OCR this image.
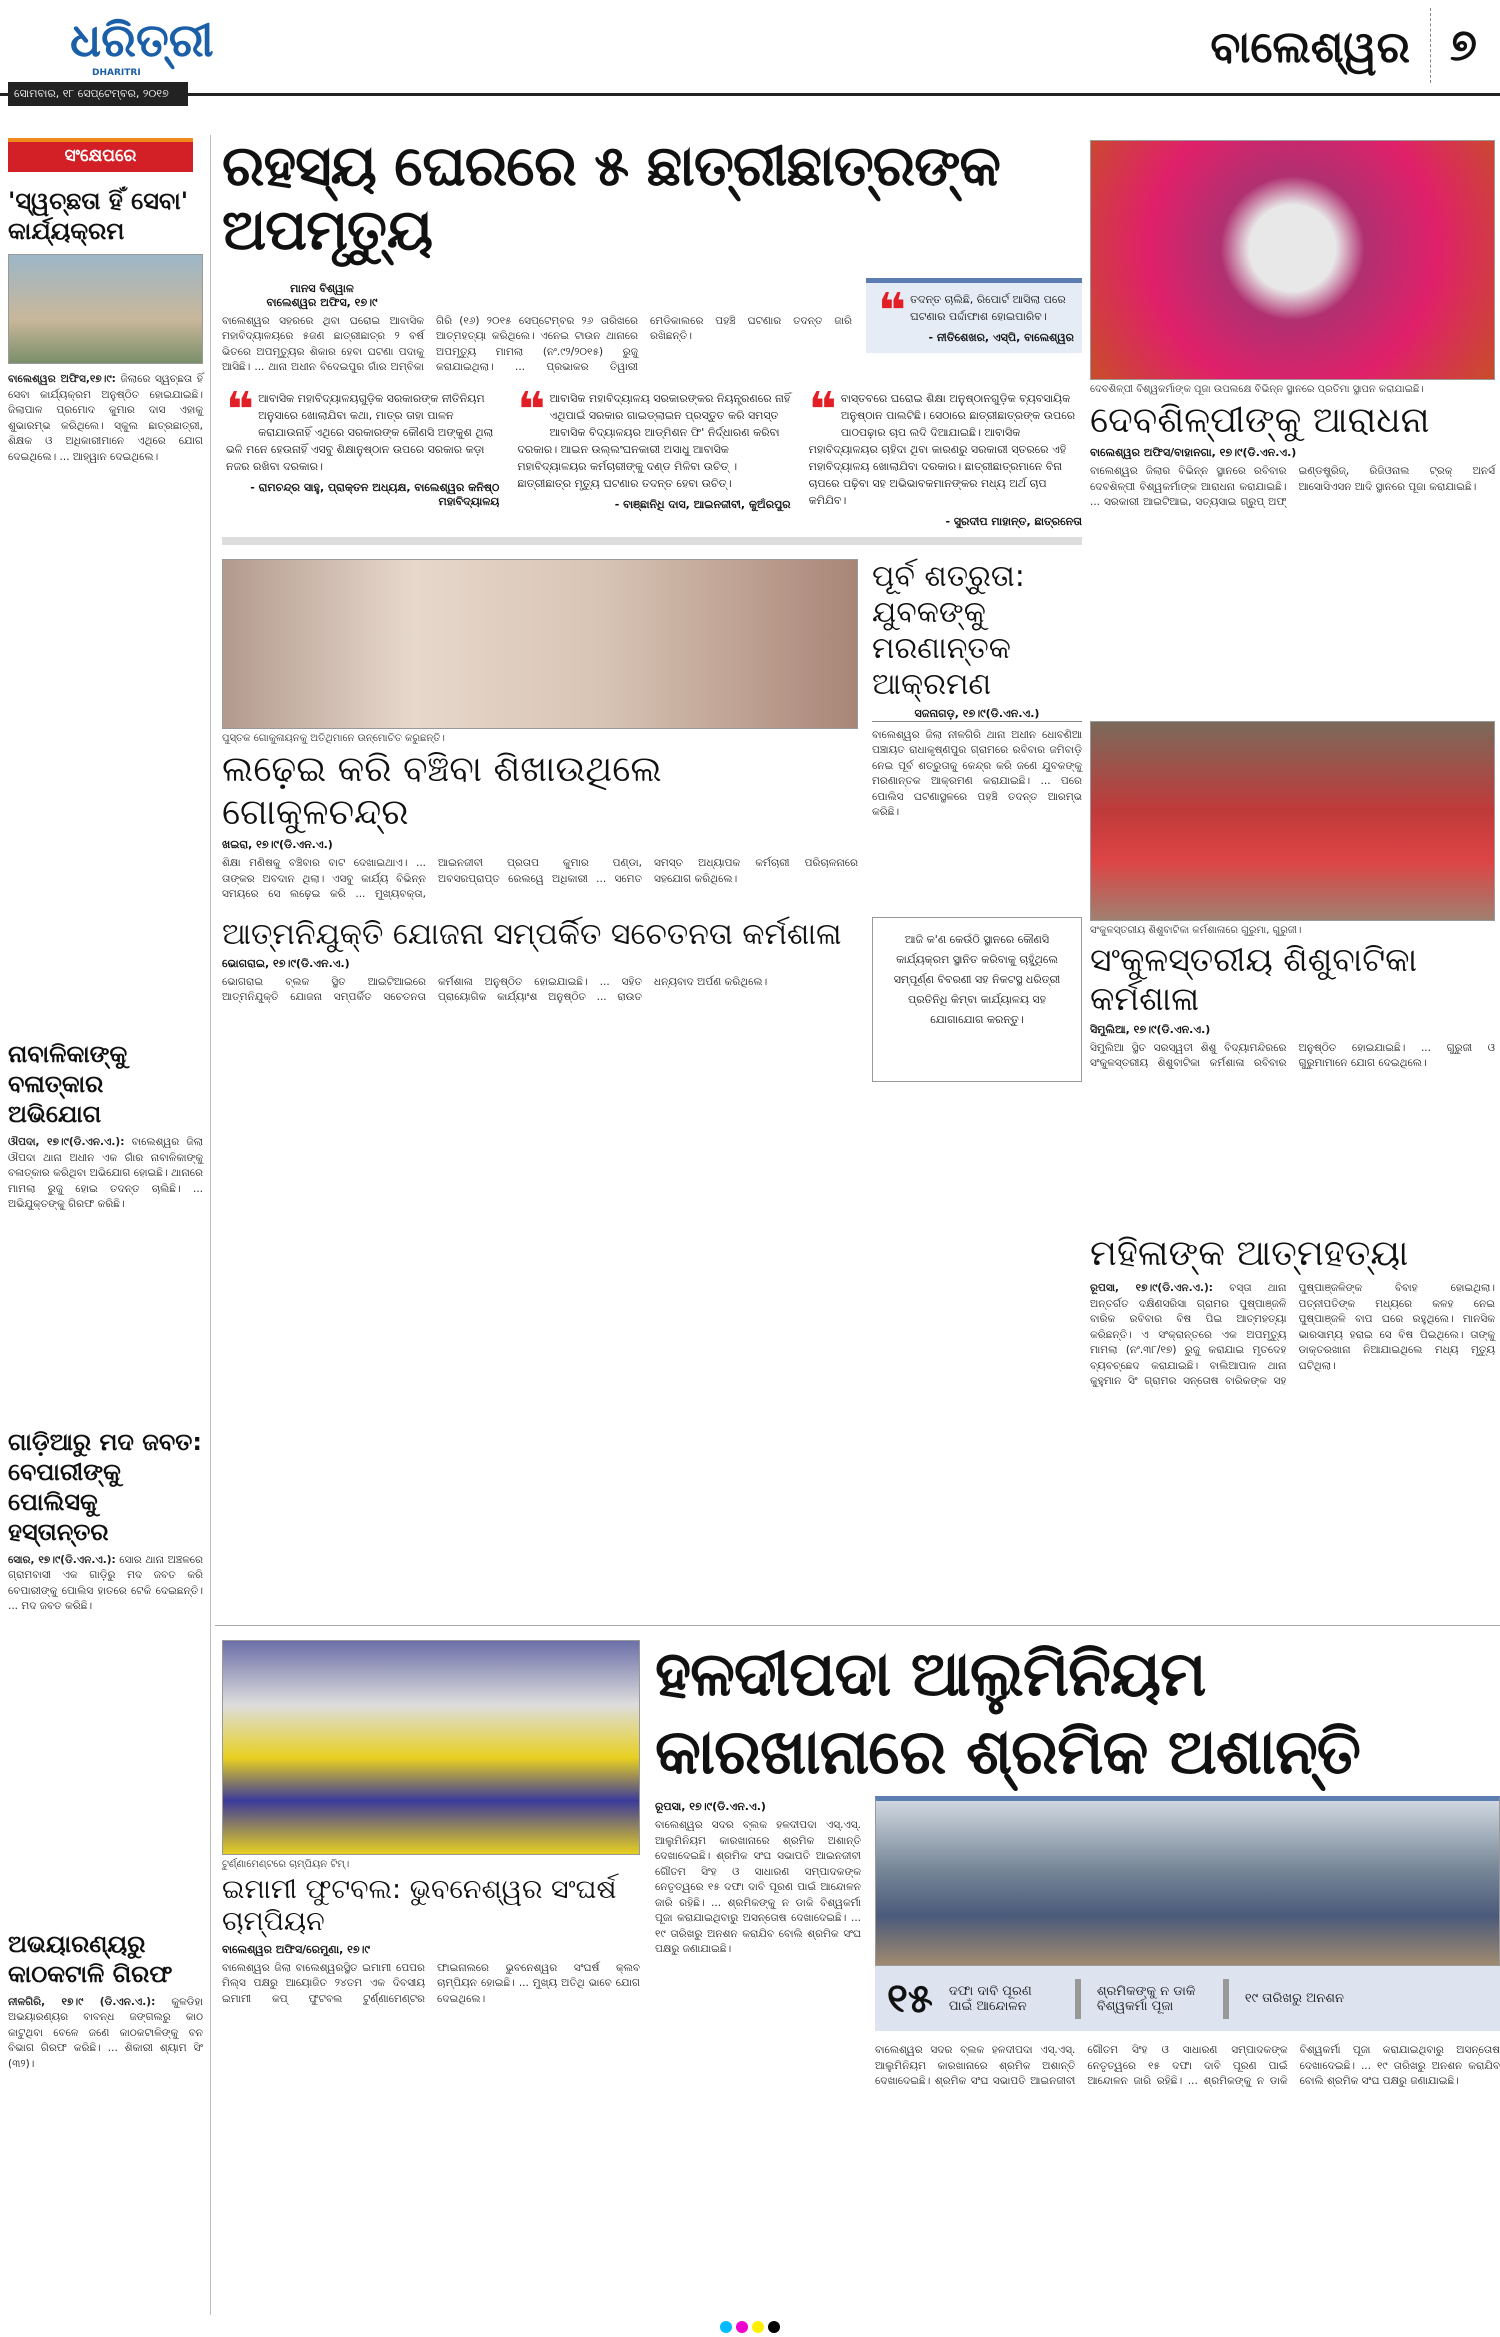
ଧରିତ୍ରୀ
DHARITRI
ସୋମବାର, ୧୮ ସେପ୍ଟେମ୍ବର, ୨୦୧୭
ବାଲେଶ୍ୱର ୭
ସଂକ୍ଷେପରେ
'ସ୍ୱଚ୍ଛତା ହିଁ ସେବା' କାର୍ଯ୍ୟକ୍ରମ
ବାଲେଶ୍ୱର ଅଫିସ,୧୭।୯: ଜିଲାରେ ସ୍ୱଚ୍ଛତା ହିଁ ସେବା କାର୍ଯ୍ୟକ୍ରମ ଅନୁଷ୍ଠିତ ହୋଇଯାଇଛି। ଜିଲାପାଳ ପ୍ରମୋଦ କୁମାର ଦାସ ଏହାକୁ ଶୁଭାରମ୍ଭ କରିଥିଲେ। ସ୍କୁଲ ଛାତ୍ରଛାତ୍ରୀ, ଶିକ୍ଷକ ଓ ଅଧିକାରୀମାନେ ଏଥିରେ ଯୋଗ ଦେଇଥିଲେ। ... ଆହ୍ୱାନ ଦେଇଥିଲେ।
ନାବାଳିକାଙ୍କୁ ବଳାତ୍କାର ଅଭିଯୋଗ
ଔପଦା, ୧୭।୯(ଡି.ଏନ.ଏ.): ବାଲେଶ୍ୱର ଜିଲା ଔପଦା ଥାନା ଅଧୀନ ଏକ ଗାଁର ନାବାଳିକାଙ୍କୁ ବଳାତ୍କାର କରିଥିବା ଅଭିଯୋଗ ହୋଇଛି। ଥାନାରେ ମାମଲା ରୁଜୁ ହୋଇ ତଦନ୍ତ ଚାଲିଛି। ... ଅଭିଯୁକ୍ତଙ୍କୁ ଗିରଫ କରିଛି।
ଗାଡ଼ିଆରୁ ମଦ ଜବତ: ବେପାରୀଙ୍କୁ ପୋଲିସକୁ ହସ୍ତାନ୍ତର
ସୋର, ୧୭।୯(ଡି.ଏନ.ଏ.): ସୋର ଥାନା ଅଞ୍ଚଳରେ ଗ୍ରାମବାସୀ ଏକ ଗାଡ଼ିରୁ ମଦ ଜବତ କରି ବେପାରୀଙ୍କୁ ପୋଲିସ ହାତରେ ଟେକି ଦେଇଛନ୍ତି। ... ମଦ ଜବତ କରିଛି।
ଅଭୟାରଣ୍ୟରୁ କାଠକଟାଳି ଗିରଫ
ନୀଳଗିରି, ୧୭।୯ (ଡି.ଏନ.ଏ.): କୁଳଡିହା ଅଭୟାରଣ୍ୟର ବାବନ୍ଧ ଜଙ୍ଗଲରୁ କାଠ କାଟୁଥିବା ବେଳେ ଜଣେ କାଠକଟାଳିଙ୍କୁ ବନ ବିଭାଗ ଗିରଫ କରିଛି। ... ଶିକାରୀ ଶ୍ୟାମ ସିଂ (୩୨)।
ରହସ୍ୟ ଘେରରେ ୫ ଛାତ୍ରୀଛାତ୍ରଙ୍କ ଅପମୃତ୍ୟୁ
ମାନସ ବିଶ୍ୱାଳ
ବାଲେଶ୍ୱର ଅଫିସ, ୧୭।୯
ବାଲେଶ୍ୱର ସହରରେ ଥିବା ଘରୋଇ ଆବାସିକ ମହାବିଦ୍ୟାଳୟରେ ୫ଜଣ ଛାତ୍ରୀଛାତ୍ର ୨ ବର୍ଷ ଭିତରେ ଅପମୃତ୍ୟୁର ଶିକାର ହେବା ଘଟଣା ପଦାକୁ ଆସିଛି। ... ଥାନା ଅଧୀନ ବିଦେଇପୁର ଗାଁର ଅମ୍ବିକା ଗିରି (୧୬) ୨୦୧୫ ସେପ୍ଟେମ୍ବର ୨୬ ତାରିଖରେ ଆତ୍ମହତ୍ୟା କରିଥିଲେ। ଏନେଇ ଟାଉନ ଥାନାରେ ଅପମୃତ୍ୟୁ ମାମଲା (ନଂ.୯୨/୨୦୧୫) ରୁଜୁ କରାଯାଇଥିଲା। ... ପ୍ରଭାକର ତିୱାରୀ ମେଡିକାଲରେ ପହଞ୍ଚି ଘଟଣାର ତଦନ୍ତ ଜାରି ରଖିଛନ୍ତି।	❝ ତଦନ୍ତ ଚାଲିଛି, ରିପୋର୍ଟ ଆସିଲା ପରେ ଘଟଣାର ପର୍ଦ୍ଦାଫାଶ ହୋଇପାରିବ।
- ନୀତିଶେଖର, ଏସ୍‌ପି, ବାଲେଶ୍ୱର
❝ ଆବାସିକ ମହାବିଦ୍ୟାଳୟଗୁଡ଼ିକ ସରକାରଙ୍କ ନୀତିନିୟମ ଅନୁସାରେ ଖୋଲାଯିବା କଥା, ମାତ୍ର ତାହା ପାଳନ କରାଯାଉନାହିଁ ଏଥିରେ ସରକାରଙ୍କ କୌଣସି ଅଙ୍କୁଶ ଥିଲା ଭଳି ମନେ ହେଉନାହିଁ ଏସବୁ ଶିକ୍ଷାନୁଷ୍ଠାନ ଉପରେ ସରକାର କଡ଼ା ନଜର ରଖିବା ଦରକାର।
- ରାମଚନ୍ଦ୍ର ସାହୁ, ପ୍ରାକ୍ତନ ଅଧ୍ୟକ୍ଷ, ବାଲେଶ୍ୱର କନିଷ୍ଠ ମହାବିଦ୍ୟାଳୟ
❝ ଆବାସିକ ମହାବିଦ୍ୟାଳୟ ସରକାରଙ୍କର ନିୟନ୍ତ୍ରଣରେ ନାହିଁ ଏଥିପାଇଁ ସରକାର ଗାଇଡ୍‌ଲାଇନ ପ୍ରସ୍ତୁତ କରି ସମସ୍ତ ଆବାସିକ ବିଦ୍ୟାଳୟର ଆଡ୍‌ମିଶନ ଫି' ନିର୍ଦ୍ଧାରଣ କରିବା ଦରକାର। ଆଇନ ଉଲ୍ଲଂଘନକାରୀ ଅସାଧୁ ଆବାସିକ ମହାବିଦ୍ୟାଳୟର କର୍ମଚାରୀଙ୍କୁ ଦଣ୍ଡ ମିଳିବା ଉଚିତ୍ । ଛାତ୍ରୀଛାତ୍ର ମୃତ୍ୟୁ ଘଟଣାର ତଦନ୍ତ ହେବା ଉଚିତ୍।
- ବାଞ୍ଛାନିଧି ଦାସ, ଆଇନଜୀବୀ, କୁଅଁରପୁର
❝ ବାସ୍ତବରେ ଘରୋଇ ଶିକ୍ଷା ଅନୁଷ୍ଠାନଗୁଡ଼ିକ ବ୍ୟବସାୟିକ ଅନୁଷ୍ଠାନ ପାଲଟିଛି। ସେଠାରେ ଛାତ୍ରୀଛାତ୍ରଙ୍କ ଉପରେ ପାଠପଢ଼ାର ଚାପ ଲଦି ଦିଆଯାଇଛି। ଆବାସିକ ମହାବିଦ୍ୟାଳୟର ଚାହିଦା ଥିବା କାରଣରୁ ସରକାରୀ ସ୍ତରରେ ଏହି ମହାବିଦ୍ୟାଳୟ ଖୋଲାଯିବା ଦରକାର। ଛାତ୍ରୀଛାତ୍ରମାନେ ବିନା ଚାପରେ ପଢ଼ିବା ସହ ଅଭିଭାବକମାନଙ୍କର ମଧ୍ୟ ଅର୍ଥ ଚାପ କମିଯିବ।
- ସୁରଦୀପ ମାହାନ୍ତ, ଛାତ୍ରନେତା
ପୁସ୍ତକ ଗୋକୁଳାୟନକୁ ଅତିଥିମାନେ ଉନ୍ମୋଚିତ କରୁଛନ୍ତି।
ଲଢ଼େଇ କରି ବଞ୍ଚିବା ଶିଖାଉଥିଲେ ଗୋକୁଳଚନ୍ଦ୍ର
ଖଇରା, ୧୭।୯(ଡି.ଏନ.ଏ.)
ଶିକ୍ଷା ମଣିଷକୁ ବଞ୍ଚିବାର ବାଟ ଦେଖାଇଥାଏ। ... ତାଙ୍କର ଅବଦାନ ଥିଲା। ଏସବୁ କାର୍ଯ୍ୟ ବିଭିନ୍ନ ସମୟରେ ସେ ଲଢ଼େଇ କରି ... ମୁଖ୍ୟବକ୍ତା, ଆଇନଜୀବୀ ପ୍ରତାପ କୁମାର ପଣ୍ଡା, ଅବସରପ୍ରାପ୍ତ ରେଲୱେ ଅଧିକାରୀ ... ସମେତ ସମସ୍ତ ଅଧ୍ୟାପକ କର୍ମଚାରୀ ପରିଚାଳନାରେ ସହଯୋଗ କରିଥିଲେ।
ପୂର୍ବ ଶତ୍ରୁତା: ଯୁବକଙ୍କୁ ମରଣାନ୍ତକ ଆକ୍ରମଣ
ସଜନାଗଡ଼, ୧୭।୯(ଡି.ଏନ.ଏ.)
ବାଲେଶ୍ୱର ଜିଲା ନୀଳଗିରି ଥାନା ଅଧୀନ ଧୋବଣିଆ ପଞ୍ଚାୟତ ରାଧାକୃଷ୍ଣପୁର ଗ୍ରାମରେ ରବିବାର ଜମିବାଡ଼ି ନେଇ ପୂର୍ବ ଶତ୍ରୁତାକୁ କେନ୍ଦ୍ର କରି ଜଣେ ଯୁବକଙ୍କୁ ମରଣାନ୍ତକ ଆକ୍ରମଣ କରାଯାଇଛି। ... ପରେ ପୋଲିସ ଘଟଣାସ୍ଥଳରେ ପହଞ୍ଚି ତଦନ୍ତ ଆରମ୍ଭ କରିଛି।
ଆତ୍ମନିଯୁକ୍ତି ଯୋଜନା ସମ୍ପର୍କିତ ସଚେତନତା କର୍ମଶାଳା
ଭୋଗରାଇ, ୧୭।୯(ଡି.ଏନ.ଏ.)
ଭୋଗରାଇ ବ୍ଲକ ସ୍ଥିତ ଆଇଟିଆଇରେ ଆତ୍ମନିଯୁକ୍ତି ଯୋଜନା ସମ୍ପର୍କିତ ସଚେତନତା କର୍ମଶାଳା ଅନୁଷ୍ଠିତ ହୋଇଯାଇଛି। ... ସହିତ ପ୍ରାୟୋଗିକ କାର୍ଯ୍ୟାଂଶ ଅନୁଷ୍ଠିତ ... ରାଉତ ଧନ୍ୟବାଦ ଅର୍ପଣ କରିଥିଲେ।
ଆଜି କ'ଣ କେଉଁଠି ସ୍ଥାନରେ କୌଣସି କାର୍ଯ୍ୟକ୍ରମ ସ୍ଥାନିତ କରିବାକୁ ଚାହୁଁଥିଲେ ସମ୍ପୂର୍ଣ୍ଣ ବିବରଣୀ ସହ ନିକଟସ୍ଥ ଧରିତ୍ରୀ ପ୍ରତିନିଧି କିମ୍ବା କାର୍ଯ୍ୟାଳୟ ସହ ଯୋଗାଯୋଗ କରନ୍ତୁ।
ଦେବଶିଳ୍ପୀ ବିଶ୍ୱକର୍ମାଙ୍କ ପୂଜା ଉପଲକ୍ଷେ ବିଭିନ୍ନ ସ୍ଥାନରେ ପ୍ରତିମା ସ୍ଥାପନ କରାଯାଇଛି।
ଦେବଶିଳ୍ପୀଙ୍କୁ ଆରାଧନା
ବାଲେଶ୍ୱର ଅଫିସ/ବାହାନଗା, ୧୭।୯(ଡି.ଏନ.ଏ.)
ବାଲେଶ୍ୱର ଜିଲାର ବିଭିନ୍ନ ସ୍ଥାନରେ ରବିବାର ଦେବଶିଳ୍ପୀ ବିଶ୍ୱକର୍ମାଙ୍କ ଆରାଧନା କରାଯାଇଛି। ... ସରକାରୀ ଆଇଟିଆଇ, ସତ୍ୟସାଇ ଗ୍ରୁପ୍ ଅଫ୍ ଇଣ୍ଡଷ୍ଟ୍ରିଜ୍, ରିଜିଓନାଲ ଟ୍ରକ୍ ଅନର୍ସ ଆସୋସିଏସନ ଆଦି ସ୍ଥାନରେ ପୂଜା କରାଯାଇଛି।
ସଂକୁଳସ୍ତରୀୟ ଶିଶୁବାଟିକା କର୍ମଶାଳାରେ ଗୁରୁମା, ଗୁରୁଜୀ।
ସଂକୁଳସ୍ତରୀୟ ଶିଶୁବାଟିକା କର୍ମଶାଳା
ସିମୁଲିଆ, ୧୭।୯(ଡି.ଏନ.ଏ.)
ସିମୁଲିଆ ସ୍ଥିତ ସରସ୍ୱତୀ ଶିଶୁ ବିଦ୍ୟାମନ୍ଦିରରେ ସଂକୁଳସ୍ତରୀୟ ଶିଶୁବାଟିକା କର୍ମଶାଳା ରବିବାର ଅନୁଷ୍ଠିତ ହୋଇଯାଇଛି। ... ଗୁରୁଜୀ ଓ ଗୁରୁମାମାନେ ଯୋଗ ଦେଇଥିଲେ।
ମହିଳାଙ୍କ ଆତ୍ମହତ୍ୟା
ରୂପସା, ୧୭।୯(ଡି.ଏନ.ଏ.): ବସ୍ତା ଥାନା ଅନ୍ତର୍ଗତ ଦକ୍ଷିଣସରିସା ଗ୍ରାମର ପୁଷ୍ପାଞ୍ଜଳି ବାରିକ ରବିବାର ବିଷ ପିଇ ଆତ୍ମହତ୍ୟା କରିଛନ୍ତି। ଏ ସଂକ୍ରାନ୍ତରେ ଏକ ଅପମୃତ୍ୟୁ ମାମଲା (ନଂ.୩୮/୧୭) ରୁଜୁ କରାଯାଇ ମୃତଦେହ ବ୍ୟବଚ୍ଛେଦ କରାଯାଇଛି। ବାଲିଆପାଳ ଥାନା କୁହୁମାନ ସିଂ ଗ୍ରାମର ସନ୍ତୋଷ ବାରିକଙ୍କ ସହ ପୁଷ୍ପାଞ୍ଜଳିଙ୍କ ବିବାହ ହୋଇଥିଲା। ପତ୍ନୀପତିଙ୍କ ମଧ୍ୟରେ କଳହ ନେଇ ପୁଷ୍ପାଞ୍ଜଳି ବାପ ଘରେ ରହୁଥିଲେ। ମାନସିକ ଭାରସାମ୍ୟ ହରାଇ ସେ ବିଷ ପିଇଥିଲେ। ତାଙ୍କୁ ଡାକ୍ତରଖାନା ନିଆଯାଇଥିଲେ ମଧ୍ୟ ମୃତ୍ୟୁ ଘଟିଥିଲା।
ଟୁର୍ଣ୍ଣାମେଣ୍ଟରେ ଚାମ୍ପିୟନ ଟିମ୍।
ଇମାମୀ ଫୁଟବଲ: ଭୁବନେଶ୍ୱର ସଂଘର୍ଷ ଚାମ୍ପିୟନ
ବାଲେଶ୍ୱର ଅଫିସ/ରେମୁଣା, ୧୭।୯
ବାଲେଶ୍ୱର ଜିଲା ବାଲେଶ୍ୱରସ୍ଥିତ ଇମାମୀ ପେପର ମିଲ୍‌ସ ପକ୍ଷରୁ ଆୟୋଜିତ ୨୪ତମ ଏକ ଦିବସୀୟ ଇମାମୀ କପ୍ ଫୁଟବଲ ଟୁର୍ଣ୍ଣାମେଣ୍ଟର ଫାଇନାଲରେ ଭୁବନେଶ୍ୱର ସଂଘର୍ଷ କ୍ଲବ ଚାମ୍ପିୟନ ହୋଇଛି। ... ମୁଖ୍ୟ ଅତିଥି ଭାବେ ଯୋଗ ଦେଇଥିଲେ।
ହଳଦୀପଦା ଆଲୁମିନିୟମ କାରଖାନାରେ ଶ୍ରମିକ ଅଶାନ୍ତି
ରୂପସା, ୧୭।୯(ଡି.ଏନ.ଏ.)
ବାଲେଶ୍ୱର ସଦର ବ୍ଲକ ହଳଦୀପଦା ଏସ୍.ଏସ୍. ଆଲୁମିନିୟମ କାରଖାନାରେ ଶ୍ରମିକ ଅଶାନ୍ତି ଦେଖାଦେଇଛି। ଶ୍ରମିକ ସଂଘ ସଭାପତି ଆଇନଜୀବୀ ଗୌତମ ସିଂହ ଓ ସାଧାରଣ ସମ୍ପାଦକଙ୍କ ନେତୃତ୍ୱରେ ୧୫ ଦଫା ଦାବି ପୂରଣ ପାଇଁ ଆନ୍ଦୋଳନ ଜାରି ରହିଛି। ... ଶ୍ରମିକଙ୍କୁ ନ ଡାକି ବିଶ୍ୱକର୍ମା ପୂଜା କରାଯାଇଥିବାରୁ ଅସନ୍ତୋଷ ଦେଖାଦେଇଛି। ... ୧୯ ତାରିଖରୁ ଅନଶନ କରାଯିବ ବୋଲି ଶ୍ରମିକ ସଂଘ ପକ୍ଷରୁ ଜଣାଯାଇଛି।
୧୫ ଦଫା ଦାବି ପୂରଣ ପାଇଁ ଆନ୍ଦୋଳନ
ଶ୍ରମିକଙ୍କୁ ନ ଡାକି ବିଶ୍ୱକର୍ମା ପୂଜା	୧୯ ତାରିଖରୁ ଅନଶନ
ବାଲେଶ୍ୱର ସଦର ବ୍ଲକ ହଳଦୀପଦା ଏସ୍.ଏସ୍. ଆଲୁମିନିୟମ କାରଖାନାରେ ଶ୍ରମିକ ଅଶାନ୍ତି ଦେଖାଦେଇଛି। ଶ୍ରମିକ ସଂଘ ସଭାପତି ଆଇନଜୀବୀ ଗୌତମ ସିଂହ ଓ ସାଧାରଣ ସମ୍ପାଦକଙ୍କ ନେତୃତ୍ୱରେ ୧୫ ଦଫା ଦାବି ପୂରଣ ପାଇଁ ଆନ୍ଦୋଳନ ଜାରି ରହିଛି। ... ଶ୍ରମିକଙ୍କୁ ନ ଡାକି ବିଶ୍ୱକର୍ମା ପୂଜା କରାଯାଇଥିବାରୁ ଅସନ୍ତୋଷ ଦେଖାଦେଇଛି। ... ୧୯ ତାରିଖରୁ ଅନଶନ କରାଯିବ ବୋଲି ଶ୍ରମିକ ସଂଘ ପକ୍ଷରୁ ଜଣାଯାଇଛି।
